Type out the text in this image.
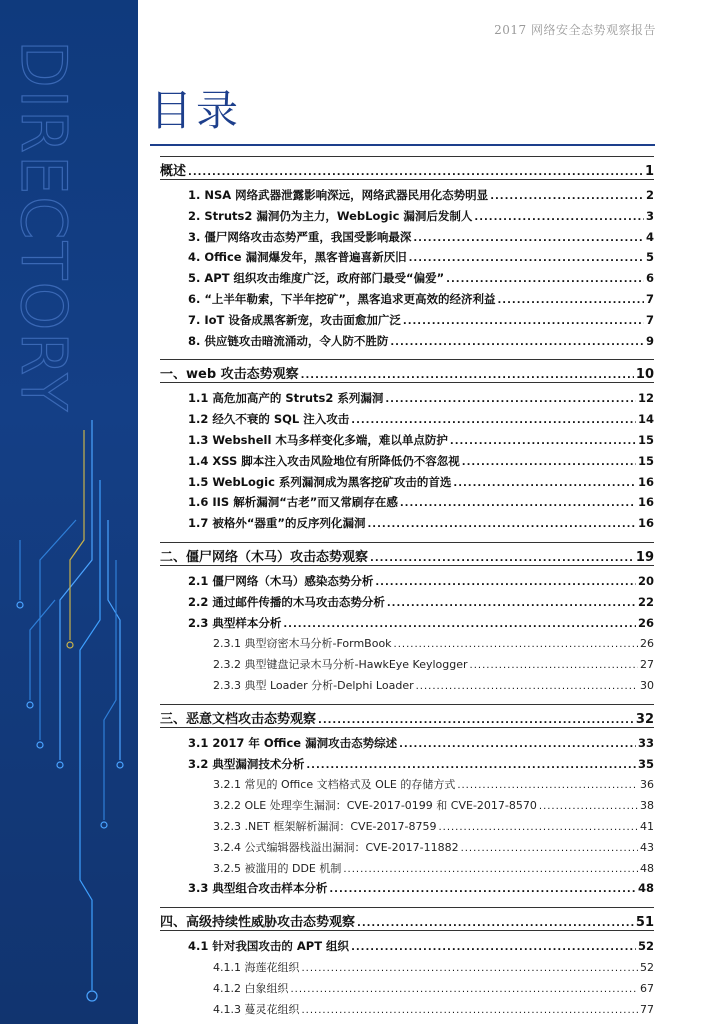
DIRECTORY
2017 网络安全态势观察报告
目录
概述 .....	1
1. NSA 网络武器泄露影响深远，网络武器民用化态势明显 .....	2
2. Struts2 漏洞仍为主力，WebLogic 漏洞后发制人 .....	3
3. 僵尸网络攻击态势严重，我国受影响最深 .....	4
4. Office 漏洞爆发年，黑客普遍喜新厌旧 .....	5
5. APT 组织攻击维度广泛，政府部门最受“偏爱” .....	6
6. “上半年勒索，下半年挖矿”，黑客追求更高效的经济利益 .....	7
7. IoT 设备成黑客新宠，攻击面愈加广泛 .....	7
8. 供应链攻击暗流涌动，令人防不胜防 .....	9
一、web 攻击态势观察 .....	10
1.1 高危加高产的 Struts2 系列漏洞 .....	12
1.2 经久不衰的 SQL 注入攻击 .....	14
1.3 Webshell 木马多样变化多端，难以单点防护 .....	15
1.4 XSS 脚本注入攻击风险地位有所降低仍不容忽视 .....	15
1.5 WebLogic 系列漏洞成为黑客挖矿攻击的首选 .....	16
1.6 IIS 解析漏洞“古老”而又常刷存在感 .....	16
1.7 被格外“器重”的反序列化漏洞 .....	16
二、僵尸网络（木马）攻击态势观察 .....	19
2.1 僵尸网络（木马）感染态势分析 .....	20
2.2 通过邮件传播的木马攻击态势分析 .....	22
2.3 典型样本分析 .....	26
2.3.1 典型窃密木马分析-FormBook .....	26
2.3.2 典型键盘记录木马分析-HawkEye Keylogger .....	27
2.3.3 典型 Loader 分析-Delphi Loader .....	30
三、恶意文档攻击态势观察 .....	32
3.1 2017 年 Office 漏洞攻击态势综述 .....	33
3.2 典型漏洞技术分析 .....	35
3.2.1 常见的 Office 文档格式及 OLE 的存储方式 .....	36
3.2.2 OLE 处理孪生漏洞：CVE-2017-0199 和 CVE-2017-8570 .....	38
3.2.3 .NET 框架解析漏洞：CVE-2017-8759 .....	41
3.2.4 公式编辑器栈溢出漏洞：CVE-2017-11882 .....	43
3.2.5 被滥用的 DDE 机制 .....	48
3.3 典型组合攻击样本分析 .....	48
四、高级持续性威胁攻击态势观察 .....	51
4.1 针对我国攻击的 APT 组织 .....	52
4.1.1 海莲花组织 .....	52
4.1.2 白象组织 .....	67
4.1.3 蔓灵花组织 .....	77
